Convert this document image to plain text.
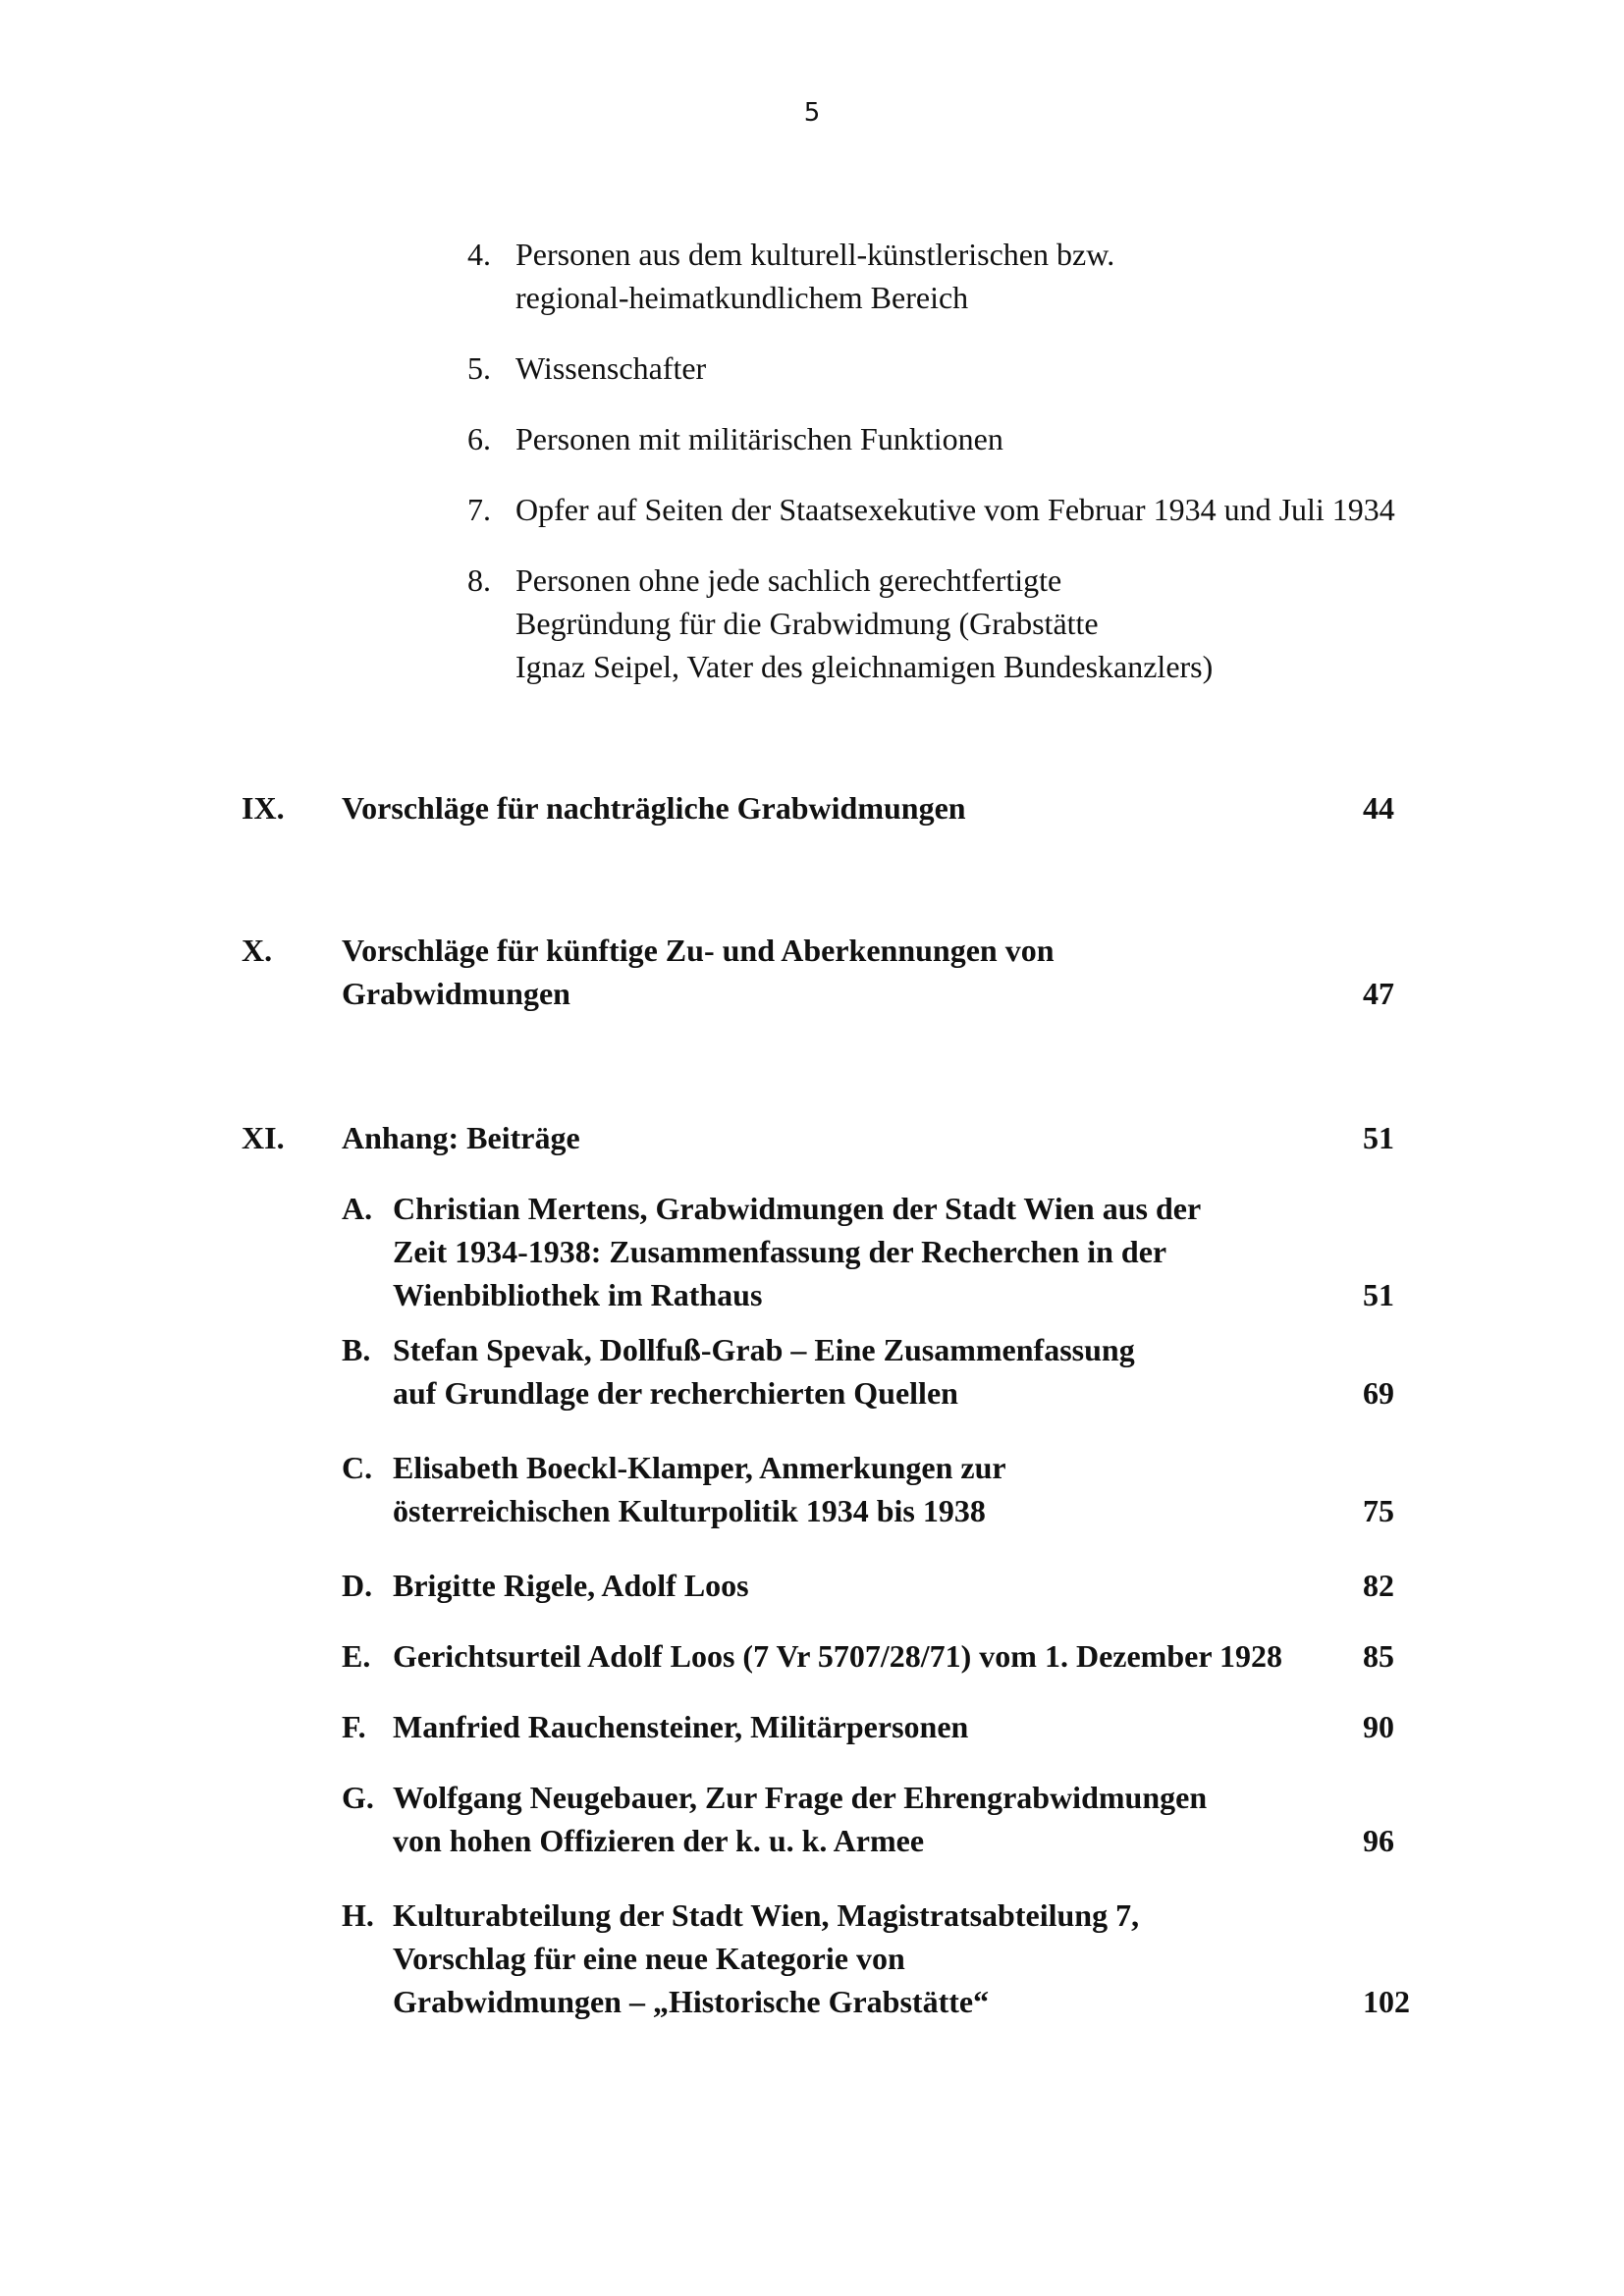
5
4. Personen aus dem kulturell-künstlerischen bzw.
regional-heimatkundlichem Bereich
5. Wissenschafter
6. Personen mit militärischen Funktionen
7. Opfer auf Seiten der Staatsexekutive vom Februar 1934 und Juli 1934
8. Personen ohne jede sachlich gerechtfertigte
Begründung für die Grabwidmung (Grabstätte
Ignaz Seipel, Vater des gleichnamigen Bundeskanzlers)
IX. Vorschläge für nachträgliche Grabwidmungen	44
X. Vorschläge für künftige Zu- und Aberkennungen von
Grabwidmungen	47
XI. Anhang: Beiträge	51
A. Christian Mertens, Grabwidmungen der Stadt Wien aus der
Zeit 1934-1938: Zusammenfassung der Recherchen in der
Wienbibliothek im Rathaus	51
B. Stefan Spevak, Dollfuß-Grab – Eine Zusammenfassung
auf Grundlage der recherchierten Quellen	69
C. Elisabeth Boeckl-Klamper, Anmerkungen zur
österreichischen Kulturpolitik 1934 bis 1938	75
D. Brigitte Rigele, Adolf Loos	82
E. Gerichtsurteil Adolf Loos (7 Vr 5707/28/71) vom 1. Dezember 1928	85
F. Manfried Rauchensteiner, Militärpersonen	90
G. Wolfgang Neugebauer, Zur Frage der Ehrengrabwidmungen
von hohen Offizieren der k. u. k. Armee	96
H. Kulturabteilung der Stadt Wien, Magistratsabteilung 7,
Vorschlag für eine neue Kategorie von
Grabwidmungen – „Historische Grabstätte“	102
